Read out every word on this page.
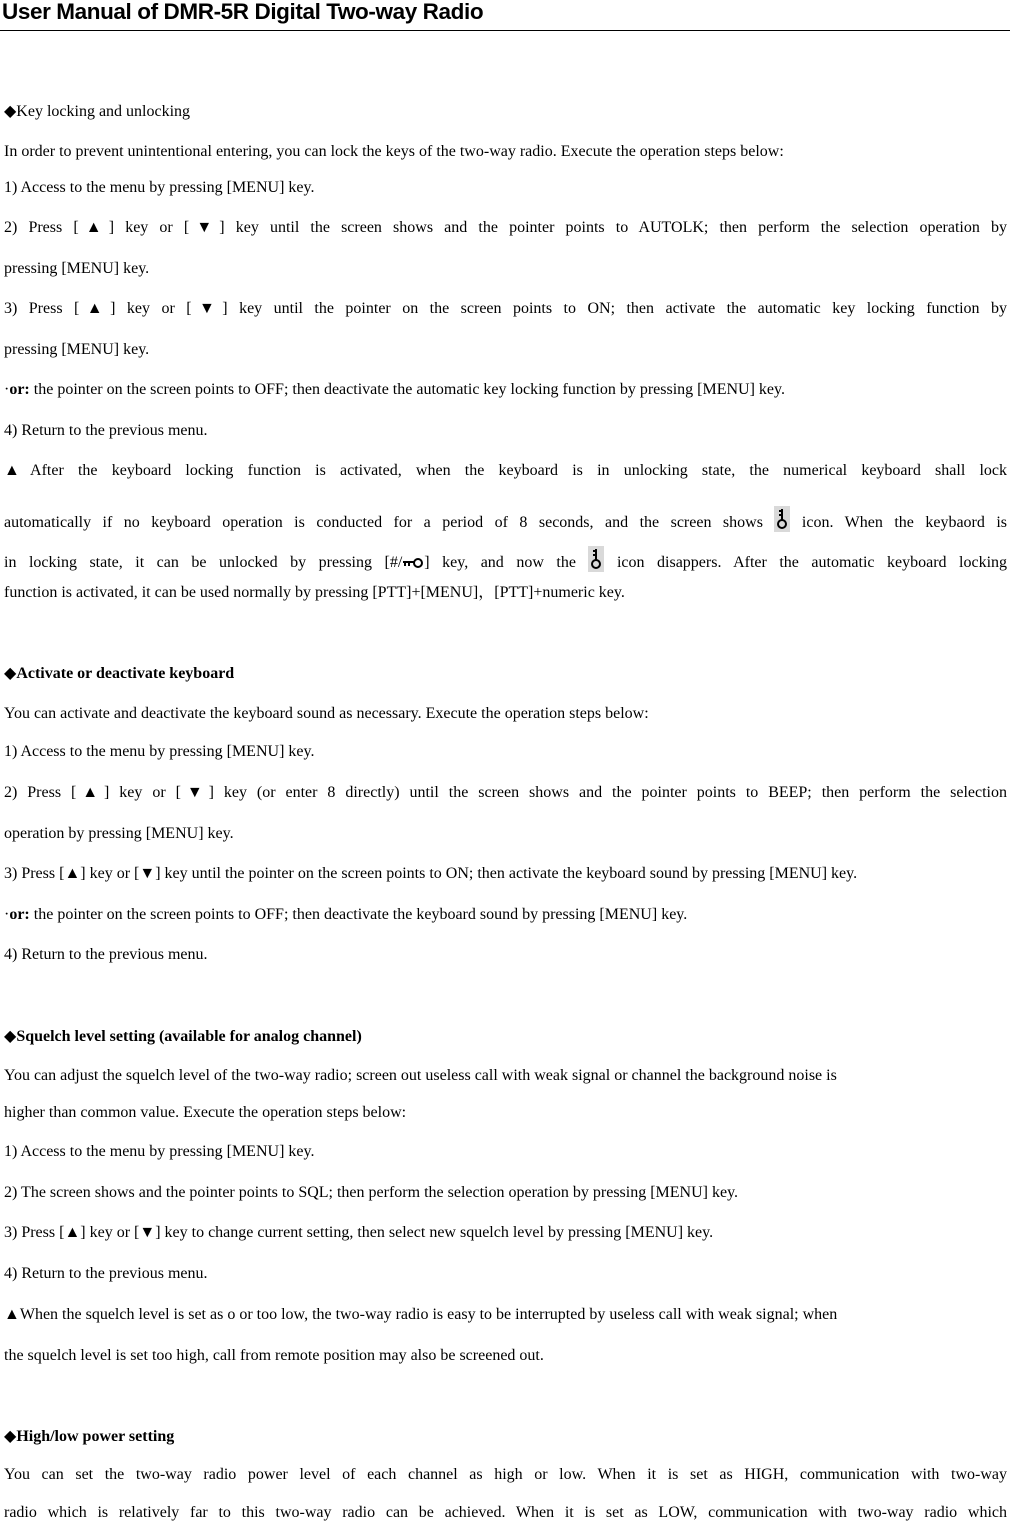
User Manual of DMR-5R Digital Two-way Radio
◆Key locking and unlocking
In order to prevent unintentional entering, you can lock the keys of the two-way radio. Execute the operation steps below:
1) Access to the menu by pressing [MENU] key.
2) Press [▲] key or [▼] key until the screen shows and the pointer points to AUTOLK; then perform the selection operation by
pressing [MENU] key.
3) Press [▲] key or [▼] key until the pointer on the screen points to ON; then activate the automatic key locking function by
pressing [MENU] key.
·or: the pointer on the screen points to OFF; then deactivate the automatic key locking function by pressing [MENU] key.
4) Return to the previous menu.
▲After the keyboard locking function is activated, when the keyboard is in unlocking state, the numerical keyboard shall lock
automatically if no keyboard operation is conducted for a period of 8 seconds, and the screen shows icon. When the keybaord is
in locking state, it can be unlocked by pressing [#/ ] key, and now the	icon disappers. After the automatic keyboard locking
function is activated, it can be used normally by pressing [PTT]+[MENU]，[PTT]+numeric key.
◆Activate or deactivate keyboard
You can activate and deactivate the keyboard sound as necessary. Execute the operation steps below:
1) Access to the menu by pressing [MENU] key.
2) Press [▲] key or [▼] key (or enter 8 directly) until the screen shows and the pointer points to BEEP; then perform the selection
operation by pressing [MENU] key.
3) Press [▲] key or [▼] key until the pointer on the screen points to ON; then activate the keyboard sound by pressing [MENU] key.
·or: the pointer on the screen points to OFF; then deactivate the keyboard sound by pressing [MENU] key.
4) Return to the previous menu.
◆Squelch level setting (available for analog channel)
You can adjust the squelch level of the two-way radio; screen out useless call with weak signal or channel the background noise is
higher than common value. Execute the operation steps below:
1) Access to the menu by pressing [MENU] key.
2) The screen shows and the pointer points to SQL; then perform the selection operation by pressing [MENU] key.
3) Press [▲] key or [▼] key to change current setting, then select new squelch level by pressing [MENU] key.
4) Return to the previous menu.
▲When the squelch level is set as o or too low, the two-way radio is easy to be interrupted by useless call with weak signal; when
the squelch level is set too high, call from remote position may also be screened out.
◆High/low power setting
You can set the two-way radio power level of each channel as high or low. When it is set as HIGH, communication with two-way
radio which is relatively far to this two-way radio can be achieved. When it is set as LOW, communication with two-way radio which
